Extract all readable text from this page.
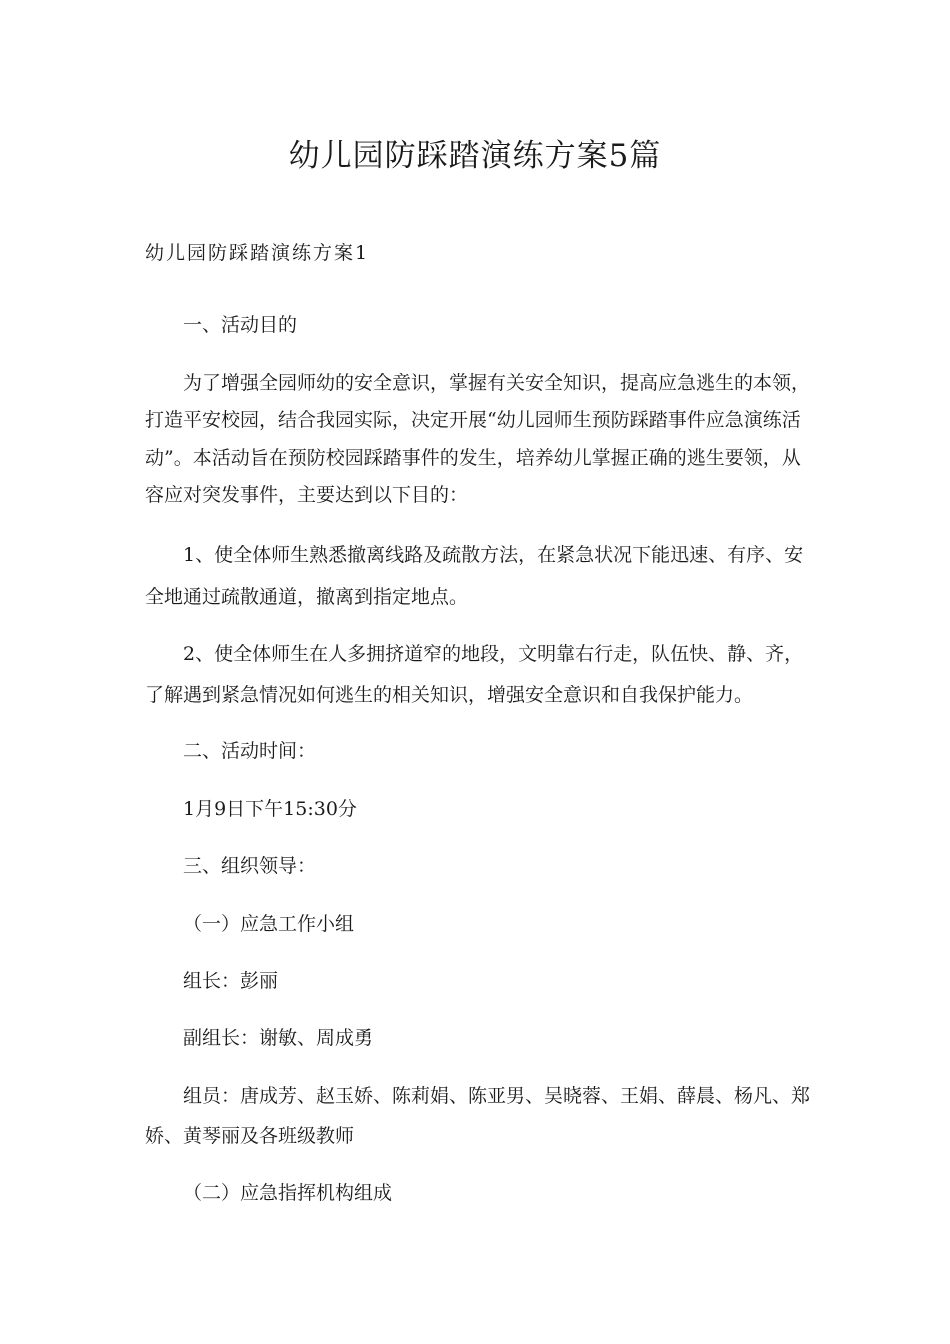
幼儿园防踩踏演练方案5篇
幼儿园防踩踏演练方案1
一、活动目的
为了增强全园师幼的安全意识，掌握有关安全知识，提高应急逃生的本领，
打造平安校园，结合我园实际，决定开展“幼儿园师生预防踩踏事件应急演练活
动”。本活动旨在预防校园踩踏事件的发生，培养幼儿掌握正确的逃生要领，从
容应对突发事件，主要达到以下目的：
1、使全体师生熟悉撤离线路及疏散方法，在紧急状况下能迅速、有序、安
全地通过疏散通道，撤离到指定地点。
2、使全体师生在人多拥挤道窄的地段，文明靠右行走，队伍快、静、齐，
了解遇到紧急情况如何逃生的相关知识，增强安全意识和自我保护能力。
二、活动时间：
1月9日下午15:30分
三、组织领导：
（一）应急工作小组
组长：彭丽
副组长：谢敏、周成勇
组员：唐成芳、赵玉娇、陈莉娟、陈亚男、吴晓蓉、王娟、薛晨、杨凡、郑
娇、黄琴丽及各班级教师
（二）应急指挥机构组成
